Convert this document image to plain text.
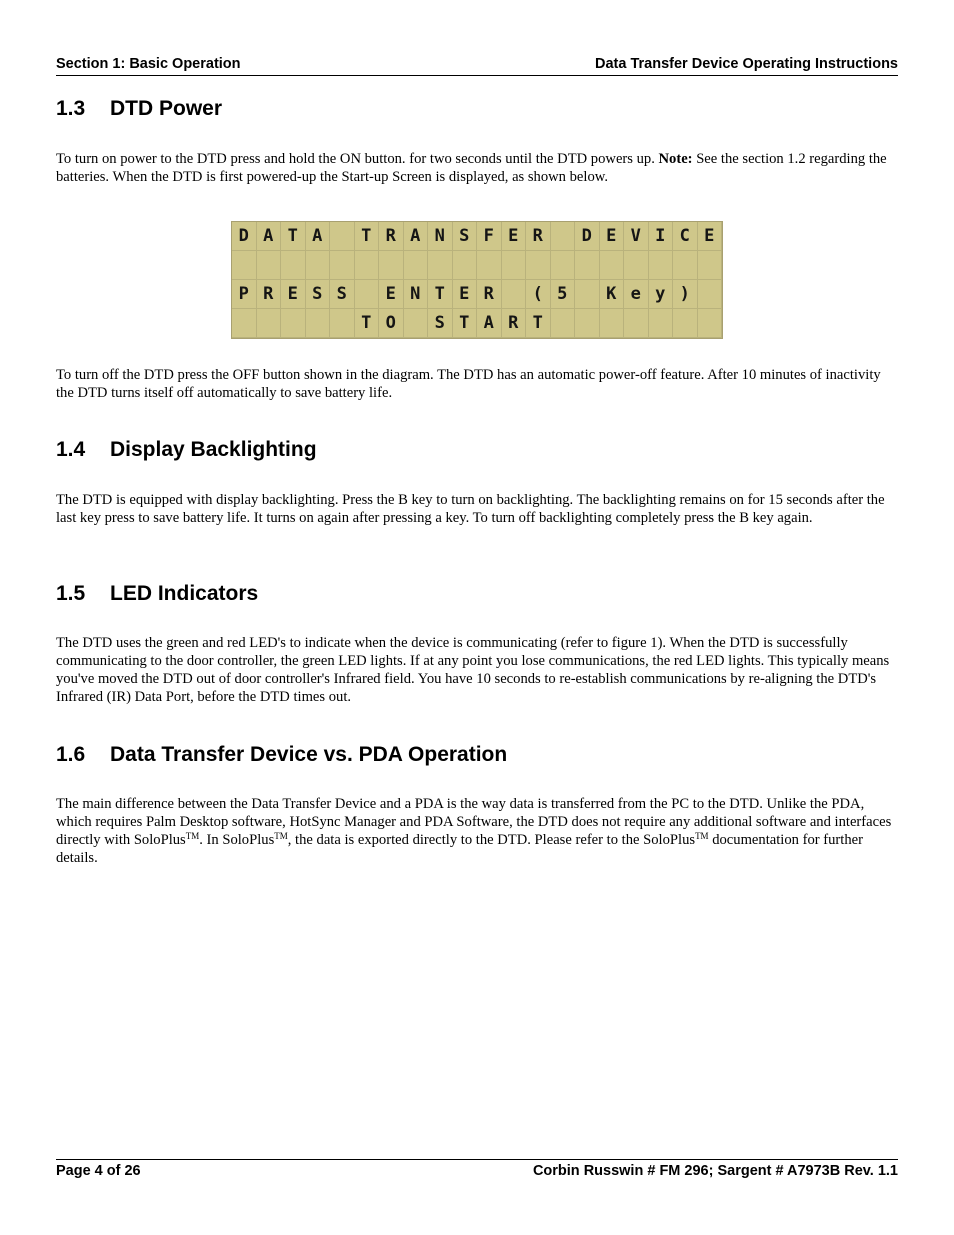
Section 1: Basic Operation	Data Transfer Device Operating Instructions
1.3 DTD Power

To turn on power to the DTD press and hold the ON button. for two seconds until the DTD powers up. Note: See the section 1.2 regarding the batteries. When the DTD is first powered-up the Start-up Screen is displayed, as shown below.

D A T A	T R A N S F E R	D E V I C E
P R E S S	E N T E R	( 5	K e y )
T O	S T A R T

To turn off the DTD press the OFF button shown in the diagram. The DTD has an automatic power-off feature. After 10 minutes of inactivity the DTD turns itself off automatically to save battery life.

1.4 Display Backlighting

The DTD is equipped with display backlighting. Press the B key to turn on backlighting. The backlighting remains on for 15 seconds after the last key press to save battery life. It turns on again after pressing a key. To turn off backlighting completely press the B key again.

1.5 LED Indicators

The DTD uses the green and red LED's to indicate when the device is communicating (refer to figure 1). When the DTD is successfully communicating to the door controller, the green LED lights. If at any point you lose communications, the red LED lights. This typically means you've moved the DTD out of door controller's Infrared field. You have 10 seconds to re-establish communications by re-aligning the DTD's Infrared (IR) Data Port, before the DTD times out.

1.6 Data Transfer Device vs. PDA Operation

The main difference between the Data Transfer Device and a PDA is the way data is transferred from the PC to the DTD. Unlike the PDA, which requires Palm Desktop software, HotSync Manager and PDA Software, the DTD does not require any additional software and interfaces directly with SoloPlus™. In SoloPlus™, the data is exported directly to the DTD. Please refer to the SoloPlus™ documentation for further details.

Page 4 of 26	Corbin Russwin # FM 296; Sargent # A7973B Rev. 1.1
